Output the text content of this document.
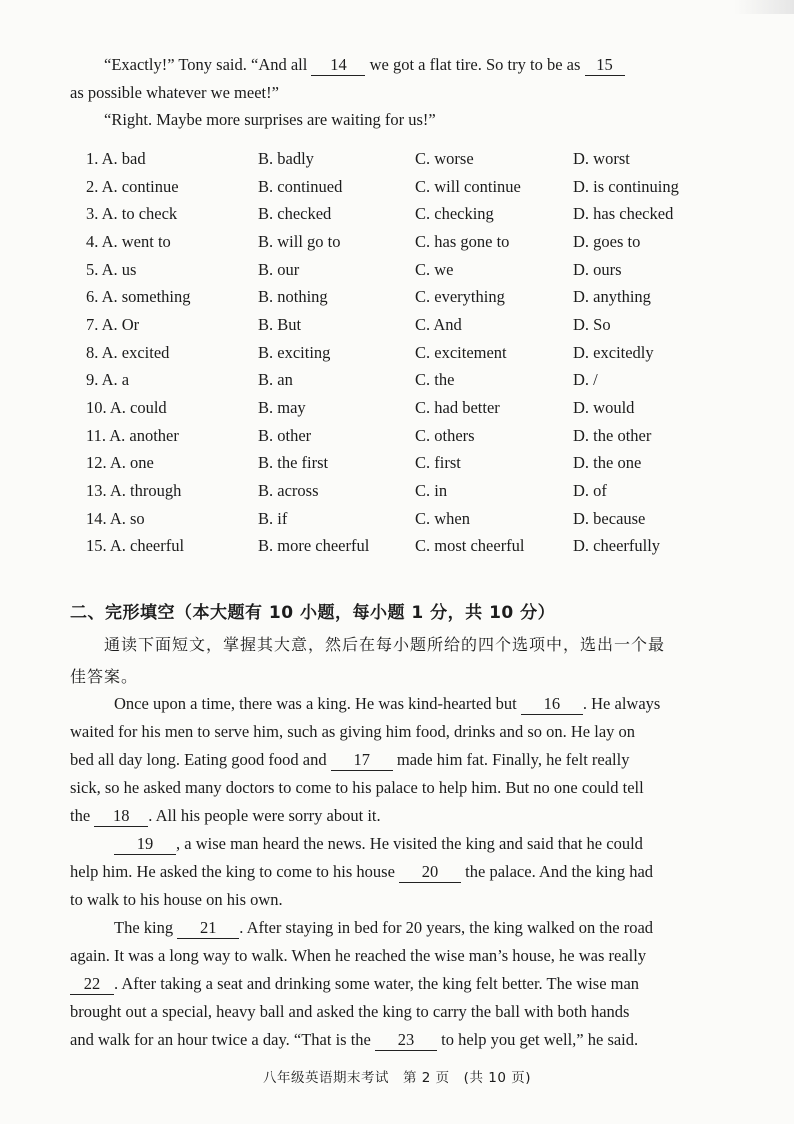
“Exactly!” Tony said. “And all 14 we got a flat tire. So try to be as 15
as possible whatever we meet!”
“Right. Maybe more surprises are waiting for us!”
1. A. bad	B. badly	C. worse	D. worst
2. A. continue	B. continued	C. will continue	D. is continuing
3. A. to check	B. checked	C. checking	D. has checked
4. A. went to	B. will go to	C. has gone to	D. goes to
5. A. us	B. our	C. we	D. ours
6. A. something	B. nothing	C. everything	D. anything
7. A. Or	B. But	C. And	D. So
8. A. excited	B. exciting	C. excitement	D. excitedly
9. A. a	B. an	C. the	D. /
10. A. could	B. may	C. had better	D. would
11. A. another	B. other	C. others	D. the other
12. A. one	B. the first	C. first	D. the one
13. A. through	B. across	C. in	D. of
14. A. so	B. if	C. when	D. because
15. A. cheerful	B. more cheerful	C. most cheerful	D. cheerfully
二、完形填空（本大题有 10 小题，每小题 1 分，共 10 分）
通读下面短文，掌握其大意，然后在每小题所给的四个选项中，选出一个最
佳答案。
Once upon a time, there was a king. He was kind-hearted but 16 . He always
waited for his men to serve him, such as giving him food, drinks and so on. He lay on
bed all day long. Eating good food and 17 made him fat. Finally, he felt really
sick, so he asked many doctors to come to his palace to help him. But no one could tell
the 18 . All his people were sorry about it.
19 , a wise man heard the news. He visited the king and said that he could
help him. He asked the king to come to his house 20 the palace. And the king had
to walk to his house on his own.
The king 21 . After staying in bed for 20 years, the king walked on the road
again. It was a long way to walk. When he reached the wise man’s house, he was really
22 . After taking a seat and drinking some water, the king felt better. The wise man
brought out a special, heavy ball and asked the king to carry the ball with both hands
and walk for an hour twice a day. “That is the 23 to help you get well,” he said.
八年级英语期末考试　第 2 页　(共 10 页)
